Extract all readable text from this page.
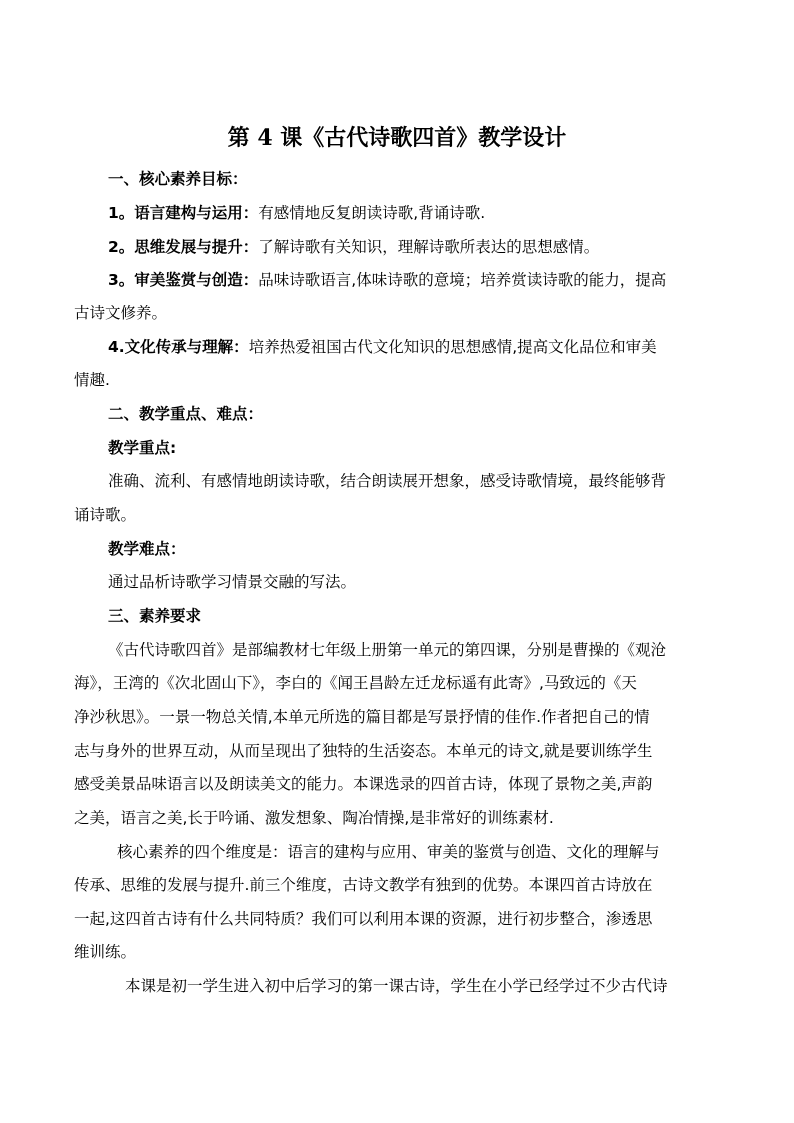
第 4 课《古代诗歌四首》教学设计
一、核心素养目标：
1。语言建构与运用：有感情地反复朗读诗歌,背诵诗歌.
2。思维发展与提升：了解诗歌有关知识，理解诗歌所表达的思想感情。
3。审美鉴赏与创造：品味诗歌语言,体味诗歌的意境；培养赏读诗歌的能力，提高
古诗文修养。
4.文化传承与理解：培养热爱祖国古代文化知识的思想感情,提高文化品位和审美
情趣.
二、教学重点、难点：
教学重点:
准确、流利、有感情地朗读诗歌，结合朗读展开想象，感受诗歌情境，最终能够背
诵诗歌。
教学难点：
通过品析诗歌学习情景交融的写法。
三、素养要求
《古代诗歌四首》是部编教材七年级上册第一单元的第四课，分别是曹操的《观沧
海》，王湾的《次北固山下》，李白的《闻王昌龄左迁龙标遥有此寄》,马致远的《天
净沙秋思》。一景一物总关情,本单元所选的篇目都是写景抒情的佳作.作者把自己的情
志与身外的世界互动，从而呈现出了独特的生活姿态。本单元的诗文,就是要训练学生
感受美景品味语言以及朗读美文的能力。本课选录的四首古诗，体现了景物之美,声韵
之美，语言之美,长于吟诵、激发想象、陶冶情操,是非常好的训练素材.
核心素养的四个维度是：语言的建构与应用、审美的鉴赏与创造、文化的理解与
传承、思维的发展与提升.前三个维度，古诗文教学有独到的优势。本课四首古诗放在
一起,这四首古诗有什么共同特质？我们可以利用本课的资源，进行初步整合，渗透思
维训练。
本课是初一学生进入初中后学习的第一课古诗，学生在小学已经学过不少古代诗
